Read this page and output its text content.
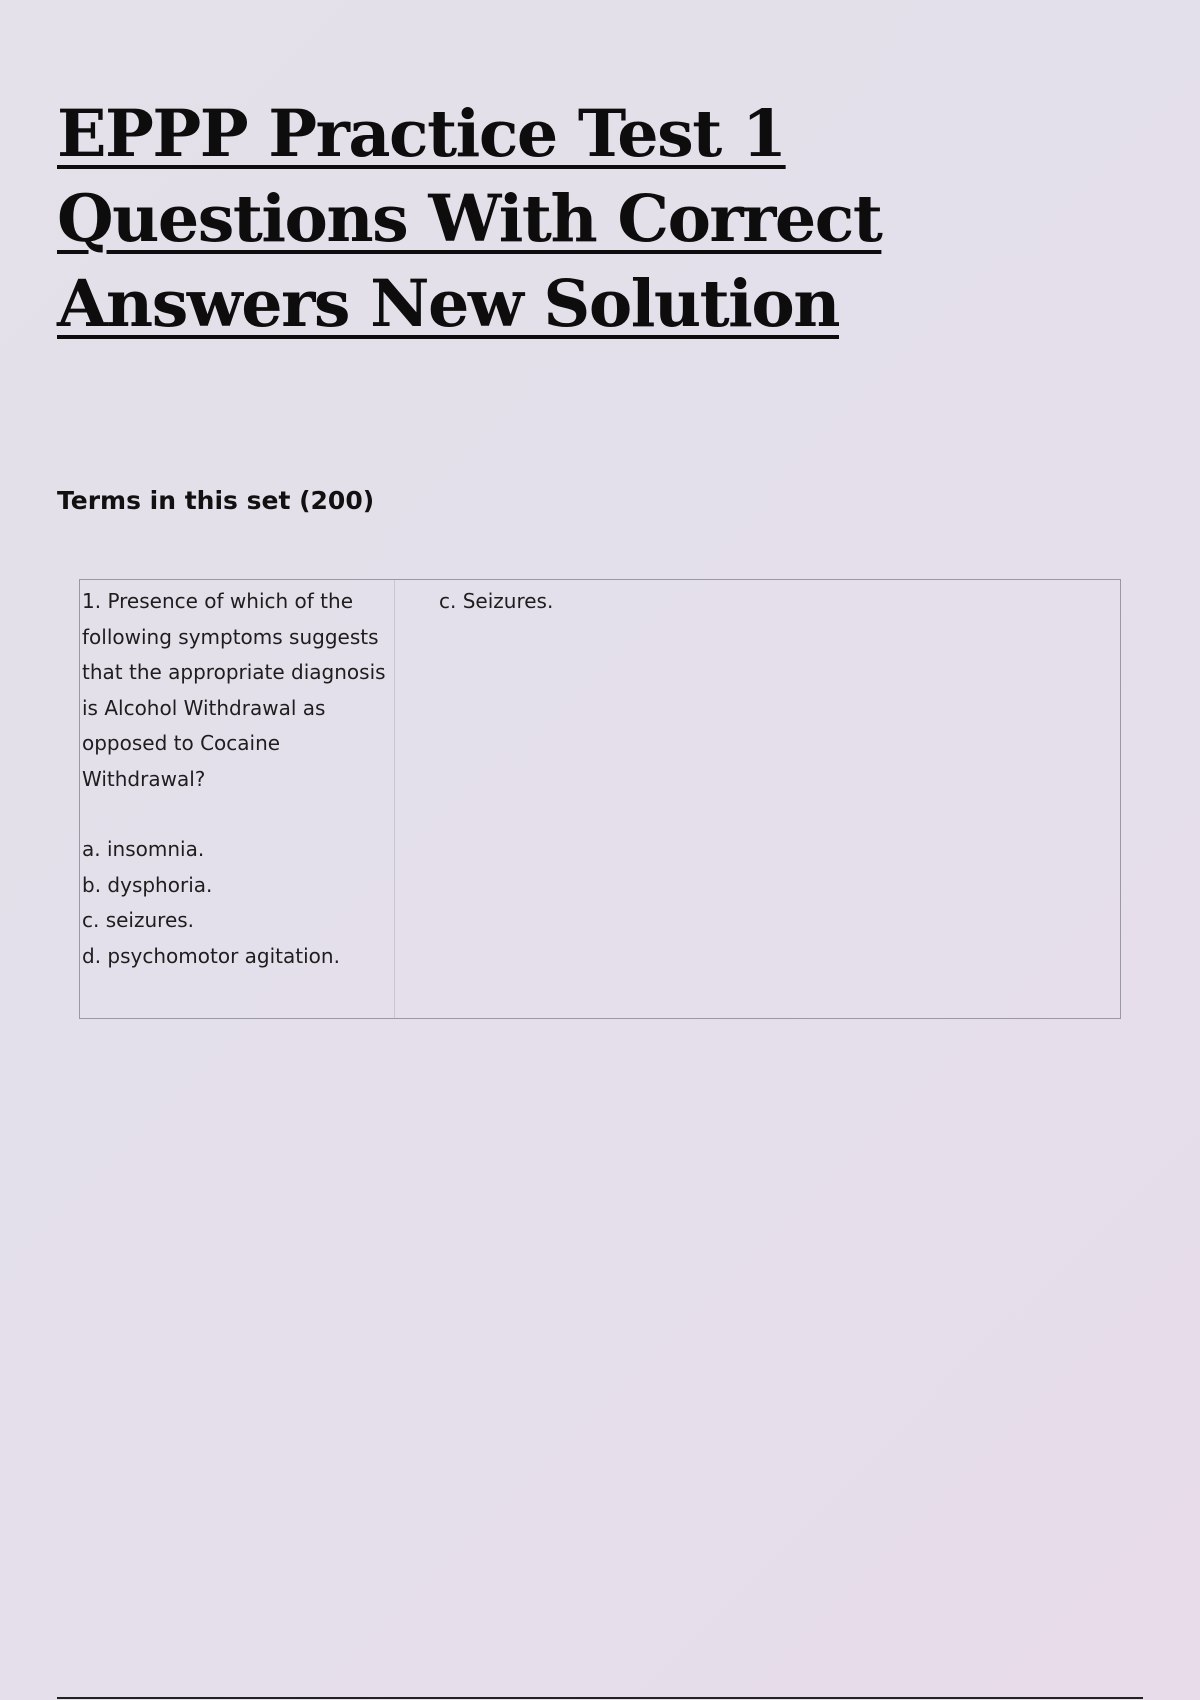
EPPP Practice Test 1 Questions With Correct Answers New Solution
Terms in this set (200)
1. Presence of which of the following symptoms suggests that the appropriate diagnosis is Alcohol Withdrawal as opposed to Cocaine Withdrawal?
a. insomnia.
b. dysphoria.
c. seizures.
d. psychomotor agitation.
c. Seizures.
